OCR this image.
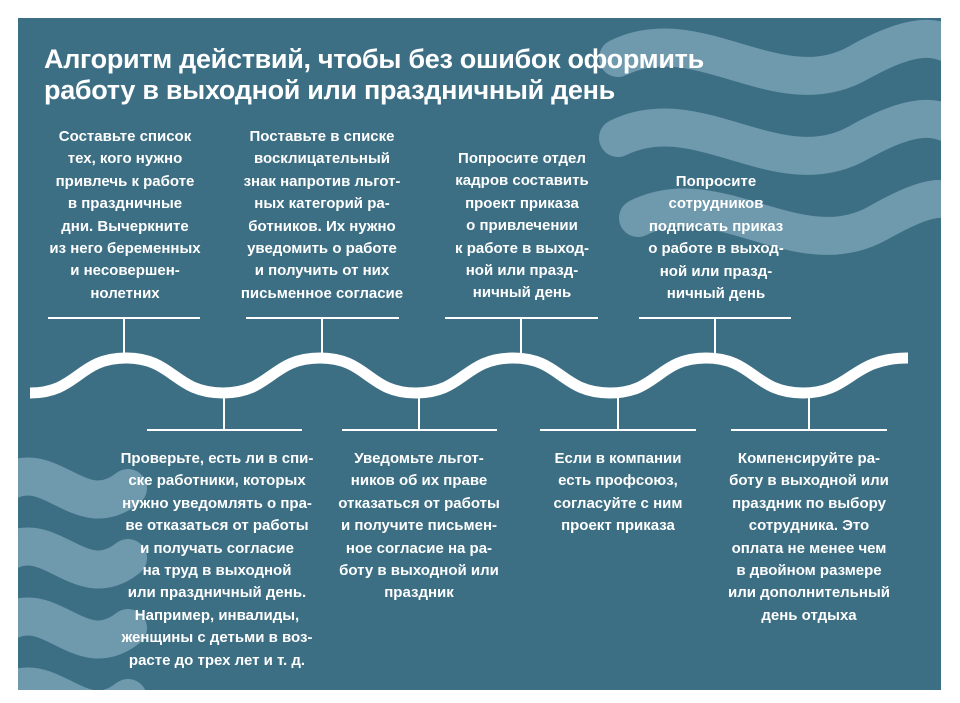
Алгоритм действий, чтобы без ошибок оформить
работу в выходной или праздничный день
Составьте список
тех, кого нужно
привлечь к работе
в праздничные
дни. Вычеркните
из него беременных
и несовершен-
нолетних
Поставьте в списке
восклицательный
знак напротив льгот-
ных категорий ра-
ботников. Их нужно
уведомить о работе
и получить от них
письменное согласие
Попросите отдел
кадров составить
проект приказа
о привлечении
к работе в выход-
ной или празд-
ничный день
Попросите
сотрудников
подписать приказ
о работе в выход-
ной или празд-
ничный день
Проверьте, есть ли в спи-
ске работники, которых
нужно уведомлять о пра-
ве отказаться от работы
и получать согласие
на труд в выходной
или праздничный день.
Например, инвалиды,
женщины с детьми в воз-
расте до трех лет и т. д.
Уведомьте льгот-
ников об их праве
отказаться от работы
и получите письмен-
ное согласие на ра-
боту в выходной или
праздник
Если в компании
есть профсоюз,
согласуйте с ним
проект приказа
Компенсируйте ра-
боту в выходной или
праздник по выбору
сотрудника. Это
оплата не менее чем
в двойном размере
или дополнительный
день отдыха
